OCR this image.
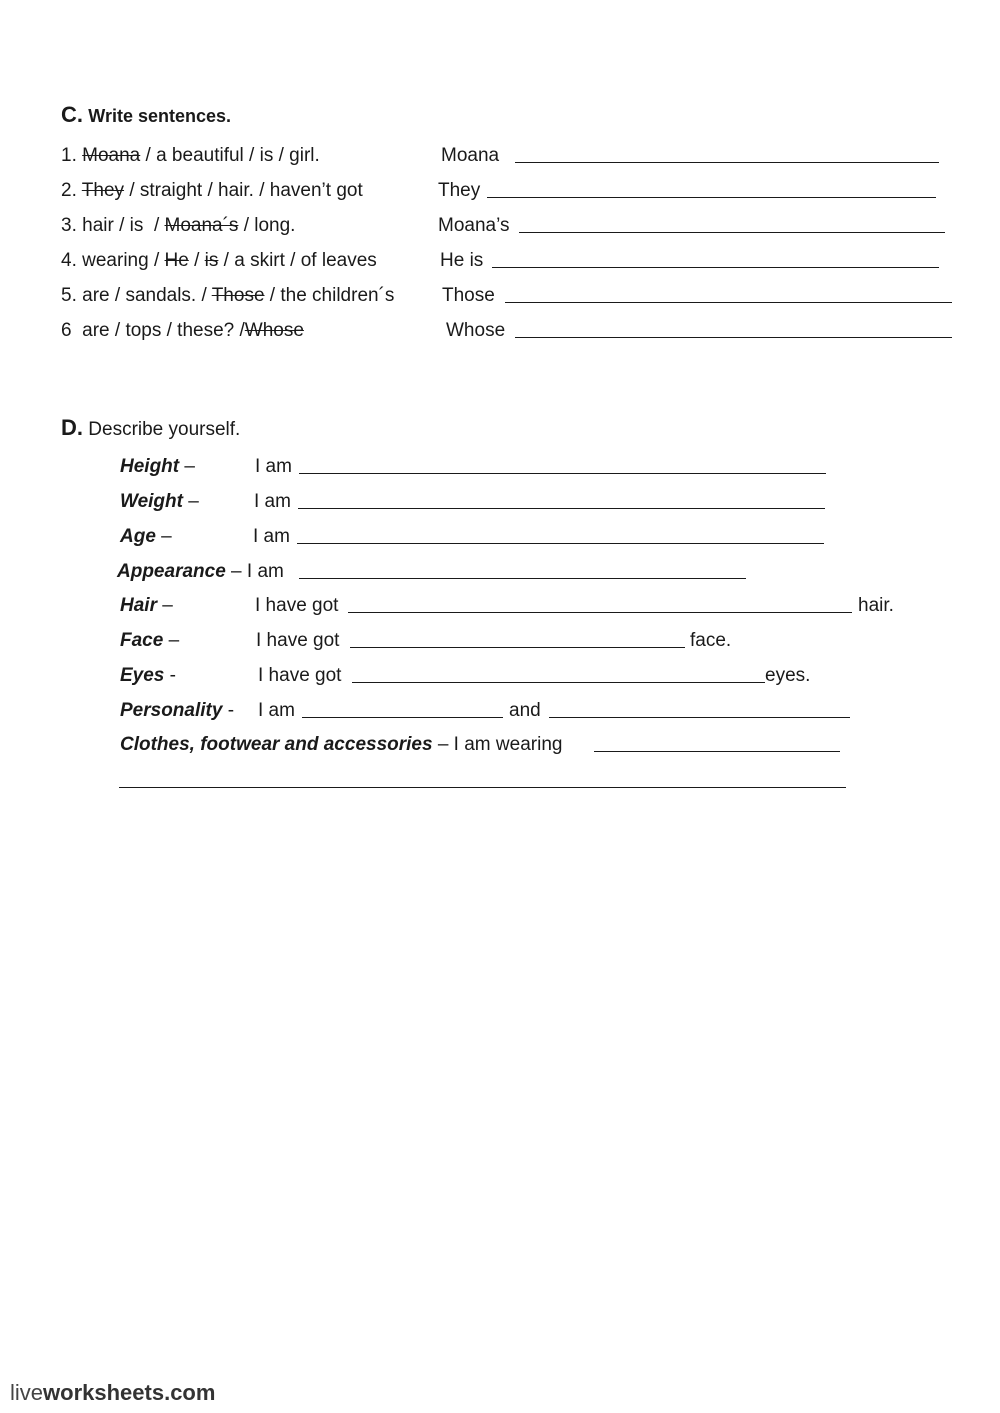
C. Write sentences.
1. Moana / a beautiful / is / girl.	Moana
2. They / straight / hair. / haven’t got	They
3. hair / is  / Moana´s / long.	Moana’s
4. wearing / He / is / a skirt / of leaves	He is
5. are / sandals. / Those / the children´s	Those
6 are / tops / these? /Whose	Whose
D. Describe yourself.
Height –	I am
Weight –	I am
Age –	I am
Appearance – I am
Hair –	I have got	hair.
Face –	I have got	face.
Eyes -	I have got	eyes.
Personality - I am	and
Clothes, footwear and accessories – I am wearing
liveworksheets.com
